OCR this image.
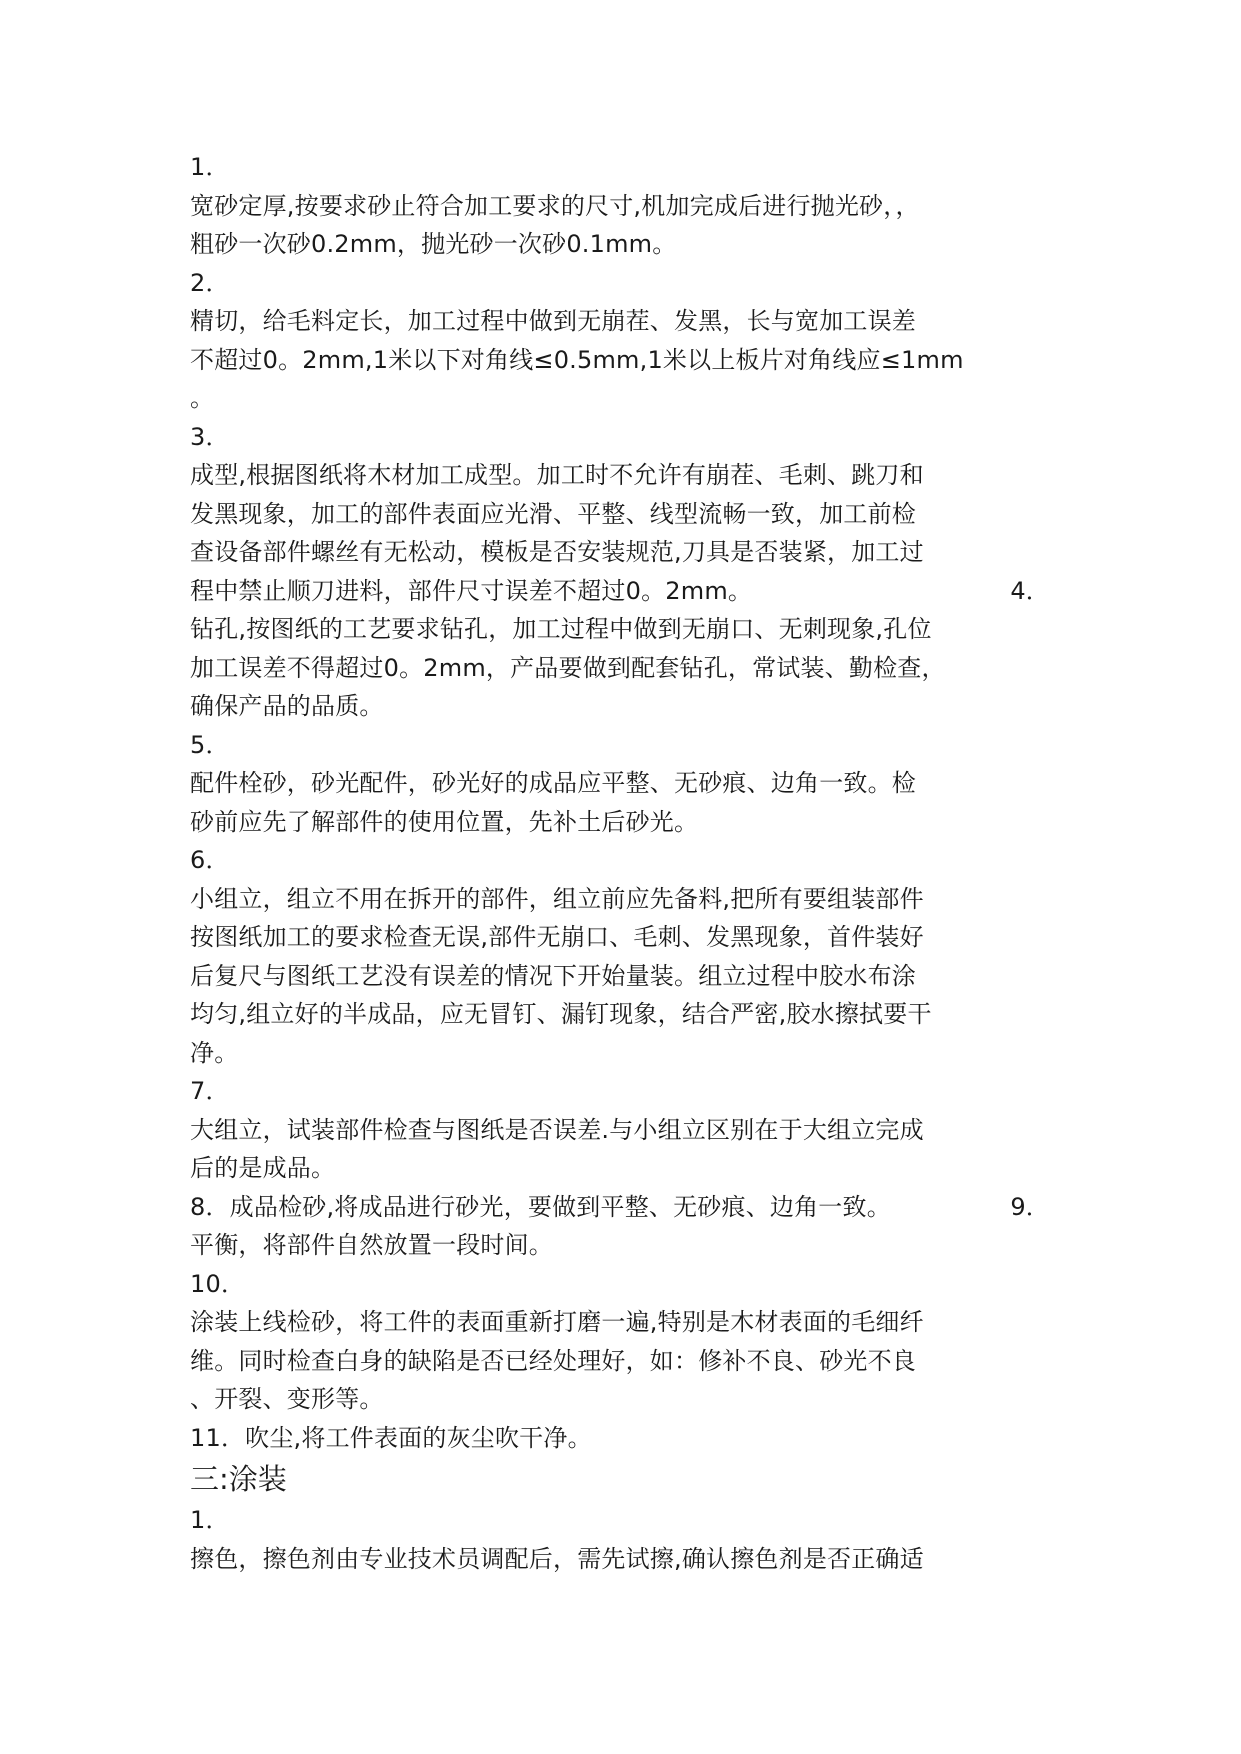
1．
宽砂定厚,按要求砂止符合加工要求的尺寸,机加完成后进行抛光砂，，
粗砂一次砂0.2mm，抛光砂一次砂0.1mm。
2．
精切，给毛料定长，加工过程中做到无崩茬、发黑，长与宽加工误差
不超过0。2mm,1米以下对角线≤0.5mm,1米以上板片对角线应≤1mm
。
3．
成型,根据图纸将木材加工成型。加工时不允许有崩茬、毛刺、跳刀和
发黑现象，加工的部件表面应光滑、平整、线型流畅一致，加工前检
查设备部件螺丝有无松动，模板是否安装规范,刀具是否装紧，加工过
程中禁止顺刀进料，部件尺寸误差不超过0。2mm。	4．
钻孔,按图纸的工艺要求钻孔，加工过程中做到无崩口、无刺现象,孔位
加工误差不得超过0。2mm，产品要做到配套钻孔，常试装、勤检查，
确保产品的品质。
5．
配件栓砂，砂光配件，砂光好的成品应平整、无砂痕、边角一致。检
砂前应先了解部件的使用位置，先补土后砂光。
6．
小组立，组立不用在拆开的部件，组立前应先备料,把所有要组装部件
按图纸加工的要求检查无误,部件无崩口、毛刺、发黑现象，首件装好
后复尺与图纸工艺没有误差的情况下开始量装。组立过程中胶水布涂
均匀,组立好的半成品，应无冒钉、漏钉现象，结合严密,胶水擦拭要干
净。
7．
大组立，试装部件检查与图纸是否误差.与小组立区别在于大组立完成
后的是成品。
8．成品检砂,将成品进行砂光，要做到平整、无砂痕、边角一致。	9．
平衡，将部件自然放置一段时间。
10．
涂装上线检砂，将工件的表面重新打磨一遍,特别是木材表面的毛细纤
维。同时检查白身的缺陷是否已经处理好，如：修补不良、砂光不良
、开裂、变形等。
11．吹尘,将工件表面的灰尘吹干净。
三:涂装
1．
擦色，擦色剂由专业技术员调配后，需先试擦,确认擦色剂是否正确适
